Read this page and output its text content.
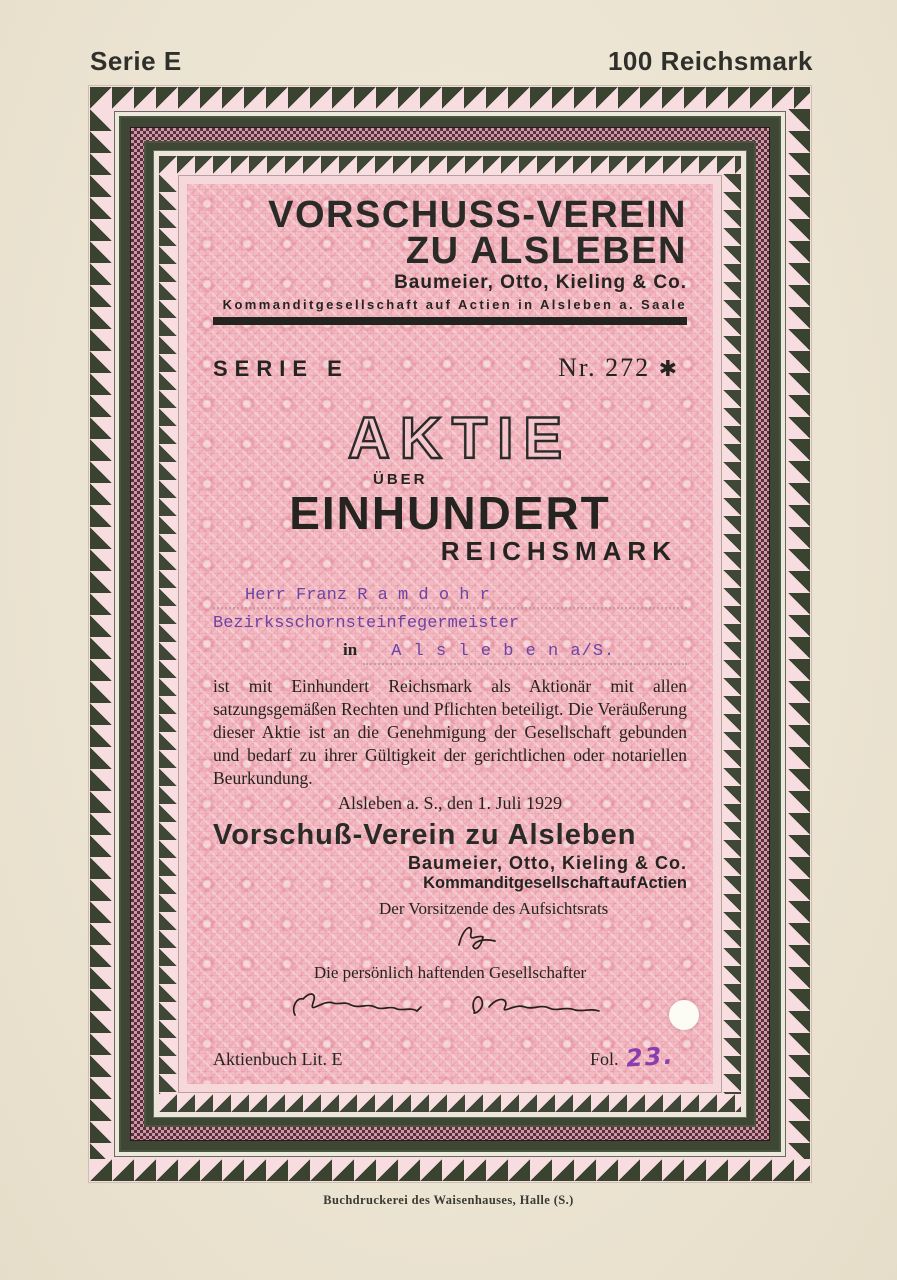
Serie E	100 Reichsmark
VORSCHUSS-VEREIN
ZU ALSLEBEN
Baumeier, Otto, Kieling & Co.
Kommanditgesellschaft auf Actien in Alsleben a. Saale
SERIE E	Nr. 272 ✱
AKTIE
ÜBER
EINHUNDERT
REICHSMARK
Herr Franz R a m d o h r
Bezirksschornsteinfegermeister
in	A l s l e b e n a/S.
ist mit Einhundert Reichsmark als Aktionär mit allen satzungsgemäßen Rechten und Pflichten beteiligt. Die Veräußerung dieser Aktie ist an die Genehmigung der Gesellschaft gebunden und bedarf zu ihrer Gültigkeit der gerichtlichen oder notariellen Beurkundung.
Alsleben a. S., den 1. Juli 1929
Vorschuß-Verein zu Alsleben
Baumeier, Otto, Kieling & Co.
Kommanditgesellschaft auf Actien
Der Vorsitzende des Aufsichtsrats
Die persönlich haftenden Gesellschafter
Aktienbuch Lit. E	Fol. 23.
Buchdruckerei des Waisenhauses, Halle (S.)
